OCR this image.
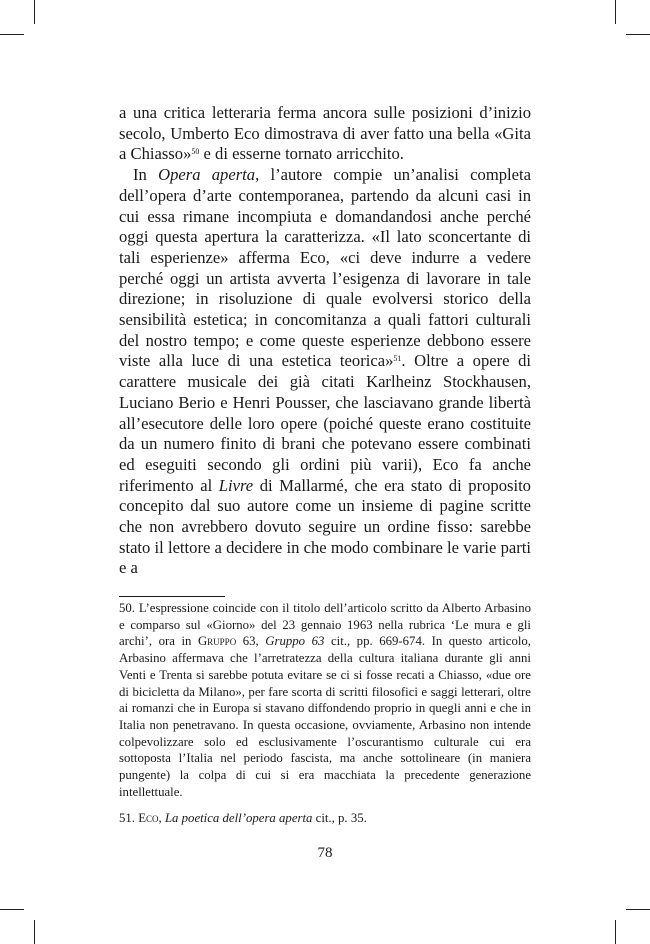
a una critica letteraria ferma ancora sulle posizioni d’inizio secolo, Umberto Eco dimostrava di aver fatto una bella «Gita a Chiasso»$^{50}$ e di esserne tornato arricchito.

In Opera aperta, l’autore compie un’analisi completa dell’opera d’arte contemporanea, partendo da alcuni casi in cui essa rimane incompiuta e domandandosi anche perché oggi questa apertura la caratterizza. «Il lato sconcertante di tali esperienze» afferma Eco, «ci deve indurre a vedere perché oggi un artista avverta l’esigenza di lavorare in tale direzione; in risoluzione di quale evolversi storico della sensibilità estetica; in concomitanza a quali fattori culturali del nostro tempo; e come queste esperienze debbono essere viste alla luce di una estetica teorica»$^{51}$. Oltre a opere di carattere musicale dei già citati Karlheinz Stockhausen, Luciano Berio e Henri Pousser, che lasciavano grande libertà all’esecutore delle loro opere (poiché queste erano costituite da un numero finito di brani che potevano essere combinati ed eseguiti secondo gli ordini più varii), Eco fa anche riferimento al Livre di Mallarmé, che era stato di proposito concepito dal suo autore come un insieme di pagine scritte che non avrebbero dovuto seguire un ordine fisso: sarebbe stato il lettore a decidere in che modo combinare le varie parti e a

50. L’espressione coincide con il titolo dell’articolo scritto da Alberto Arbasino e comparso sul «Giorno» del 23 gennaio 1963 nella rubrica ‘Le mura e gli archi’, ora in Gruppo 63, Gruppo 63 cit., pp. 669-674. In questo articolo, Arbasino affermava che l’arretratezza della cultura italiana durante gli anni Venti e Trenta si sarebbe potuta evitare se ci si fosse recati a Chiasso, «due ore di bicicletta da Milano», per fare scorta di scritti filosofici e saggi letterari, oltre ai romanzi che in Europa si stavano diffondendo proprio in quegli anni e che in Italia non penetravano. In questa occasione, ovviamente, Arbasino non intende colpevolizzare solo ed esclusivamente l’oscurantismo culturale cui era sottoposta l’Italia nel periodo fascista, ma anche sottolineare (in maniera pungente) la colpa di cui si era macchiata la precedente generazione intellettuale.

51. Eco, La poetica dell’opera aperta cit., p. 35.

78
